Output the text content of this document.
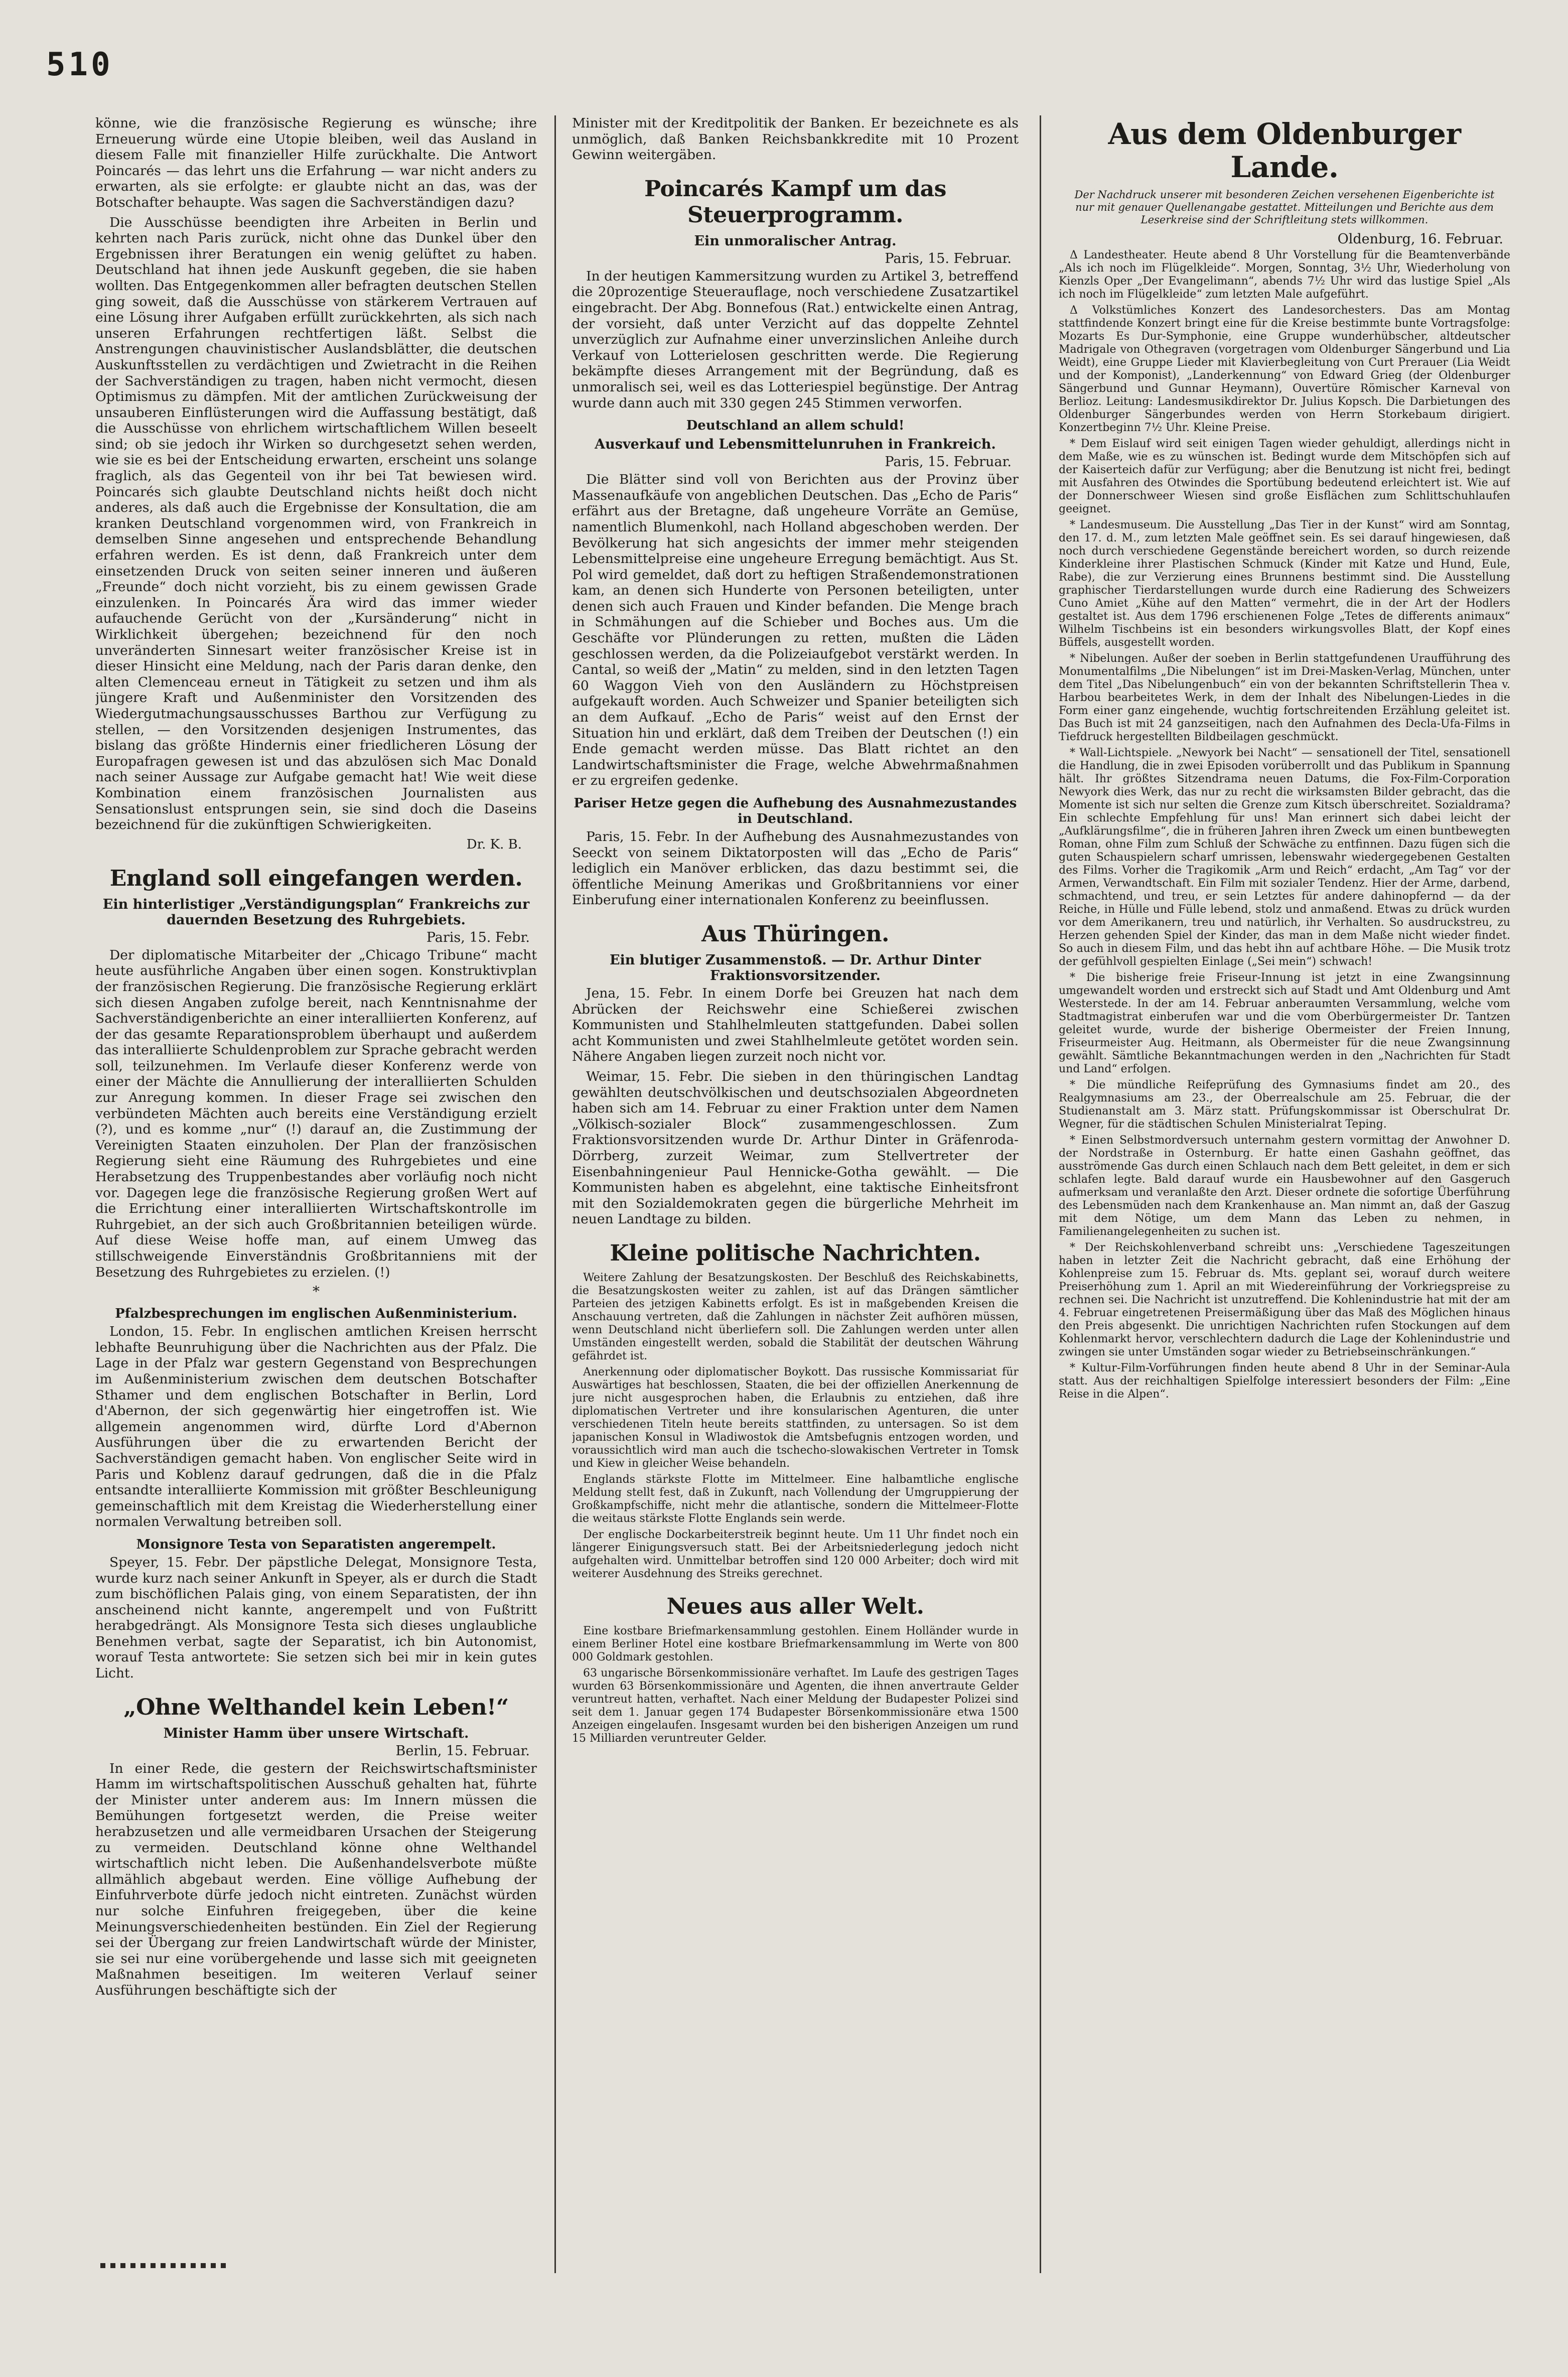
510

könne, wie die französische Regierung es wünsche; ihre Erneuerung würde eine Utopie bleiben, weil das Ausland in diesem Falle mit finanzieller Hilfe zurückhalte. Die Antwort Poincarés — das lehrt uns die Erfahrung — war nicht anders zu erwarten, als sie erfolgte: er glaubte nicht an das, was der Botschafter behaupte. Was sagen die Sachverständigen dazu?

Die Ausschüsse beendigten ihre Arbeiten in Berlin und kehrten nach Paris zurück, nicht ohne das Dunkel über den Ergebnissen ihrer Beratungen ein wenig gelüftet zu haben. Deutschland hat ihnen jede Auskunft gegeben, die sie haben wollten. Das Entgegenkommen aller befragten deutschen Stellen ging soweit, daß die Ausschüsse von stärkerem Vertrauen auf eine Lösung ihrer Aufgaben erfüllt zurückkehrten, als sich nach unseren Erfahrungen rechtfertigen läßt. Selbst die Anstrengungen chauvinistischer Auslandsblätter, die deutschen Auskunftsstellen zu verdächtigen und Zwietracht in die Reihen der Sachverständigen zu tragen, haben nicht vermocht, diesen Optimismus zu dämpfen. Mit der amtlichen Zurückweisung der unsauberen Einflüsterungen wird die Auffassung bestätigt, daß die Ausschüsse von ehrlichem wirtschaftlichem Willen beseelt sind; ob sie jedoch ihr Wirken so durchgesetzt sehen werden, wie sie es bei der Entscheidung erwarten, erscheint uns solange fraglich, als das Gegenteil von ihr bei Tat bewiesen wird. Poincarés sich glaubte Deutschland nichts heißt doch nicht anderes, als daß auch die Ergebnisse der Konsultation, die am kranken Deutschland vorgenommen wird, von Frankreich in demselben Sinne angesehen und entsprechende Behandlung erfahren werden. Es ist denn, daß Frankreich unter dem einsetzenden Druck von seiten seiner inneren und äußeren „Freunde“ doch nicht vorzieht, bis zu einem gewissen Grade einzulenken. In Poincarés Ära wird das immer wieder aufauchende Gerücht von der „Kursänderung“ nicht in Wirklichkeit übergehen; bezeichnend für den noch unveränderten Sinnesart weiter französischer Kreise ist in dieser Hinsicht eine Meldung, nach der Paris daran denke, den alten Clemenceau erneut in Tätigkeit zu setzen und ihm als jüngere Kraft und Außenminister den Vorsitzenden des Wiedergutmachungsausschusses Barthou zur Verfügung zu stellen, — den Vorsitzenden desjenigen Instrumentes, das bislang das größte Hindernis einer friedlicheren Lösung der Europafragen gewesen ist und das abzulösen sich Mac Donald nach seiner Aussage zur Aufgabe gemacht hat! Wie weit diese Kombination einem französischen Journalisten aus Sensationslust entsprungen sein, sie sind doch die Daseins bezeichnend für die zukünftigen Schwierigkeiten.

Dr. K. B.
England soll eingefangen werden.
Ein hinterlistiger „Verständigungsplan“ Frankreichs zur dauernden Besetzung des Ruhrgebiets.
Paris, 15. Febr.

Der diplomatische Mitarbeiter der „Chicago Tribune“ macht heute ausführliche Angaben über einen sogen. Konstruktivplan der französischen Regierung. Die französische Regierung erklärt sich diesen Angaben zufolge bereit, nach Kenntnisnahme der Sachverständigenberichte an einer interalliierten Konferenz, auf der das gesamte Reparationsproblem überhaupt und außerdem das interalliierte Schuldenproblem zur Sprache gebracht werden soll, teilzunehmen. Im Verlaufe dieser Konferenz werde von einer der Mächte die Annullierung der interalliierten Schulden zur Anregung kommen. In dieser Frage sei zwischen den verbündeten Mächten auch bereits eine Verständigung erzielt (?), und es komme „nur“ (!) darauf an, die Zustimmung der Vereinigten Staaten einzuholen. Der Plan der französischen Regierung sieht eine Räumung des Ruhrgebietes und eine Herabsetzung des Truppenbestandes aber vorläufig noch nicht vor. Dagegen lege die französische Regierung großen Wert auf die Errichtung einer interalliierten Wirtschaftskontrolle im Ruhrgebiet, an der sich auch Großbritannien beteiligen würde. Auf diese Weise hoffe man, auf einem Umweg das stillschweigende Einverständnis Großbritanniens mit der Besetzung des Ruhrgebietes zu erzielen. (!)

*
Pfalzbesprechungen im englischen Außenministerium.

London, 15. Febr. In englischen amtlichen Kreisen herrscht lebhafte Beunruhigung über die Nachrichten aus der Pfalz. Die Lage in der Pfalz war gestern Gegenstand von Besprechungen im Außenministerium zwischen dem deutschen Botschafter Sthamer und dem englischen Botschafter in Berlin, Lord d'Abernon, der sich gegenwärtig hier eingetroffen ist. Wie allgemein angenommen wird, dürfte Lord d'Abernon Ausführungen über die zu erwartenden Bericht der Sachverständigen gemacht haben. Von englischer Seite wird in Paris und Koblenz darauf gedrungen, daß die in die Pfalz entsandte interalliierte Kommission mit größter Beschleunigung gemeinschaftlich mit dem Kreistag die Wiederherstellung einer normalen Verwaltung betreiben soll.

Monsignore Testa von Separatisten angerempelt.

Speyer, 15. Febr. Der päpstliche Delegat, Monsignore Testa, wurde kurz nach seiner Ankunft in Speyer, als er durch die Stadt zum bischöflichen Palais ging, von einem Separatisten, der ihn anscheinend nicht kannte, angerempelt und von Fußtritt herabgedrängt. Als Monsignore Testa sich dieses unglaubliche Benehmen verbat, sagte der Separatist, ich bin Autonomist, worauf Testa antwortete: Sie setzen sich bei mir in kein gutes Licht.

„Ohne Welthandel kein Leben!“
Minister Hamm über unsere Wirtschaft.
Berlin, 15. Februar.

In einer Rede, die gestern der Reichswirtschaftsminister Hamm im wirtschaftspolitischen Ausschuß gehalten hat, führte der Minister unter anderem aus: Im Innern müssen die Bemühungen fortgesetzt werden, die Preise weiter herabzusetzen und alle vermeidbaren Ursachen der Steigerung zu vermeiden. Deutschland könne ohne Welthandel wirtschaftlich nicht leben. Die Außenhandelsverbote müßte allmählich abgebaut werden. Eine völlige Aufhebung der Einfuhrverbote dürfe jedoch nicht eintreten. Zunächst würden nur solche Einfuhren freigegeben, über die keine Meinungsverschiedenheiten bestünden. Ein Ziel der Regierung sei der Übergang zur freien Landwirtschaft würde der Minister, sie sei nur eine vorübergehende und lasse sich mit geeigneten Maßnahmen beseitigen. Im weiteren Verlauf seiner Ausführungen beschäftigte sich der

Minister mit der Kreditpolitik der Banken. Er bezeichnete es als unmöglich, daß Banken Reichsbankkredite mit 10 Prozent Gewinn weitergäben.

Poincarés Kampf um das Steuerprogramm.
Ein unmoralischer Antrag.
Paris, 15. Februar.

In der heutigen Kammersitzung wurden zu Artikel 3, betreffend die 20prozentige Steuerauflage, noch verschiedene Zusatzartikel eingebracht. Der Abg. Bonnefous (Rat.) entwickelte einen Antrag, der vorsieht, daß unter Verzicht auf das doppelte Zehntel unverzüglich zur Aufnahme einer unverzinslichen Anleihe durch Verkauf von Lotterielosen geschritten werde. Die Regierung bekämpfte dieses Arrangement mit der Begründung, daß es unmoralisch sei, weil es das Lotteriespiel begünstige. Der Antrag wurde dann auch mit 330 gegen 245 Stimmen verworfen.

Deutschland an allem schuld!
Ausverkauf und Lebensmittelunruhen in Frankreich.
Paris, 15. Februar.

Die Blätter sind voll von Berichten aus der Provinz über Massenaufkäufe von angeblichen Deutschen. Das „Echo de Paris“ erfährt aus der Bretagne, daß ungeheure Vorräte an Gemüse, namentlich Blumenkohl, nach Holland abgeschoben werden. Der Bevölkerung hat sich angesichts der immer mehr steigenden Lebensmittelpreise eine ungeheure Erregung bemächtigt. Aus St. Pol wird gemeldet, daß dort zu heftigen Straßendemonstrationen kam, an denen sich Hunderte von Personen beteiligten, unter denen sich auch Frauen und Kinder befanden. Die Menge brach in Schmähungen auf die Schieber und Boches aus. Um die Geschäfte vor Plünderungen zu retten, mußten die Läden geschlossen werden, da die Polizeiaufgebot verstärkt werden. In Cantal, so weiß der „Matin“ zu melden, sind in den letzten Tagen 60 Waggon Vieh von den Ausländern zu Höchstpreisen aufgekauft worden. Auch Schweizer und Spanier beteiligten sich an dem Aufkauf. „Echo de Paris“ weist auf den Ernst der Situation hin und erklärt, daß dem Treiben der Deutschen (!) ein Ende gemacht werden müsse. Das Blatt richtet an den Landwirtschaftsminister die Frage, welche Abwehrmaßnahmen er zu ergreifen gedenke.

Pariser Hetze gegen die Aufhebung des Ausnahmezustandes in Deutschland.

Paris, 15. Febr. In der Aufhebung des Ausnahmezustandes von Seeckt von seinem Diktatorposten will das „Echo de Paris“ lediglich ein Manöver erblicken, das dazu bestimmt sei, die öffentliche Meinung Amerikas und Großbritanniens vor einer Einberufung einer internationalen Konferenz zu beeinflussen.

Aus Thüringen.
Ein blutiger Zusammenstoß. — Dr. Arthur Dinter Fraktionsvorsitzender.

Jena, 15. Febr. In einem Dorfe bei Greuzen hat nach dem Abrücken der Reichswehr eine Schießerei zwischen Kommunisten und Stahlhelmleuten stattgefunden. Dabei sollen acht Kommunisten und zwei Stahlhelmleute getötet worden sein. Nähere Angaben liegen zurzeit noch nicht vor.

Weimar, 15. Febr. Die sieben in den thüringischen Landtag gewählten deutschvölkischen und deutschsozialen Abgeordneten haben sich am 14. Februar zu einer Fraktion unter dem Namen „Völkisch-sozialer Block“ zusammengeschlossen. Zum Fraktionsvorsitzenden wurde Dr. Arthur Dinter in Gräfenroda-Dörrberg, zurzeit Weimar, zum Stellvertreter der Eisenbahningenieur Paul Hennicke-Gotha gewählt. — Die Kommunisten haben es abgelehnt, eine taktische Einheitsfront mit den Sozialdemokraten gegen die bürgerliche Mehrheit im neuen Landtage zu bilden.

Kleine politische Nachrichten.

Weitere Zahlung der Besatzungskosten. Der Beschluß des Reichskabinetts, die Besatzungskosten weiter zu zahlen, ist auf das Drängen sämtlicher Parteien des jetzigen Kabinetts erfolgt. Es ist in maßgebenden Kreisen die Anschauung vertreten, daß die Zahlungen in nächster Zeit aufhören müssen, wenn Deutschland nicht überliefern soll. Die Zahlungen werden unter allen Umständen eingestellt werden, sobald die Stabilität der deutschen Währung gefährdet ist.

Anerkennung oder diplomatischer Boykott. Das russische Kommissariat für Auswärtiges hat beschlossen, Staaten, die bei der offiziellen Anerkennung de jure nicht ausgesprochen haben, die Erlaubnis zu entziehen, daß ihre diplomatischen Vertreter und ihre konsularischen Agenturen, die unter verschiedenen Titeln heute bereits stattfinden, zu untersagen. So ist dem japanischen Konsul in Wladiwostok die Amtsbefugnis entzogen worden, und voraussichtlich wird man auch die tschecho-slowakischen Vertreter in Tomsk und Kiew in gleicher Weise behandeln.

Englands stärkste Flotte im Mittelmeer. Eine halbamtliche englische Meldung stellt fest, daß in Zukunft, nach Vollendung der Umgruppierung der Großkampfschiffe, nicht mehr die atlantische, sondern die Mittelmeer-Flotte die weitaus stärkste Flotte Englands sein werde.

Der englische Dockarbeiterstreik beginnt heute. Um 11 Uhr findet noch ein längerer Einigungsversuch statt. Bei der Arbeitsniederlegung jedoch nicht aufgehalten wird. Unmittelbar betroffen sind 120 000 Arbeiter; doch wird mit weiterer Ausdehnung des Streiks gerechnet.

Neues aus aller Welt.

Eine kostbare Briefmarkensammlung gestohlen. Einem Holländer wurde in einem Berliner Hotel eine kostbare Briefmarkensammlung im Werte von 800 000 Goldmark gestohlen.

63 ungarische Börsenkommissionäre verhaftet. Im Laufe des gestrigen Tages wurden 63 Börsenkommissionäre und Agenten, die ihnen anvertraute Gelder veruntreut hatten, verhaftet. Nach einer Meldung der Budapester Polizei sind seit dem 1. Januar gegen 174 Budapester Börsenkommissionäre etwa 1500 Anzeigen eingelaufen. Insgesamt wurden bei den bisherigen Anzeigen um rund 15 Milliarden veruntreuter Gelder.

Aus dem Oldenburger Lande.
Der Nachdruck unserer mit besonderen Zeichen versehenen Eigenberichte ist nur mit genauer Quellenangabe gestattet. Mitteilungen und Berichte aus dem Leserkreise sind der Schriftleitung stets willkommen.
Oldenburg, 16. Februar.

Δ Landestheater. Heute abend 8 Uhr Vorstellung für die Beamtenverbände „Als ich noch im Flügelkleide“. Morgen, Sonntag, 3½ Uhr, Wiederholung von Kienzls Oper „Der Evangelimann“, abends 7½ Uhr wird das lustige Spiel „Als ich noch im Flügelkleide“ zum letzten Male aufgeführt.

Δ Volkstümliches Konzert des Landesorchesters. Das am Montag stattfindende Konzert bringt eine für die Kreise bestimmte bunte Vortragsfolge: Mozarts Es Dur-Symphonie, eine Gruppe wunderhübscher, altdeutscher Madrigale von Othegraven (vorgetragen vom Oldenburger Sängerbund und Lia Weidt), eine Gruppe Lieder mit Klavierbegleitung von Curt Prerauer (Lia Weidt und der Komponist), „Landerkennung“ von Edward Grieg (der Oldenburger Sängerbund und Gunnar Heymann), Ouvertüre Römischer Karneval von Berlioz. Leitung: Landesmusikdirektor Dr. Julius Kopsch. Die Darbietungen des Oldenburger Sängerbundes werden von Herrn Storkebaum dirigiert. Konzertbeginn 7½ Uhr. Kleine Preise.

* Dem Eislauf wird seit einigen Tagen wieder gehuldigt, allerdings nicht in dem Maße, wie es zu wünschen ist. Bedingt wurde dem Mitschöpfen sich auf der Kaiserteich dafür zur Verfügung; aber die Benutzung ist nicht frei, bedingt mit Ausfahren des Otwindes die Sportübung bedeutend erleichtert ist. Wie auf der Donnerschweer Wiesen sind große Eisflächen zum Schlittschuhlaufen geeignet.

* Landesmuseum. Die Ausstellung „Das Tier in der Kunst“ wird am Sonntag, den 17. d. M., zum letzten Male geöffnet sein. Es sei darauf hingewiesen, daß noch durch verschiedene Gegenstände bereichert worden, so durch reizende Kinderkleine ihrer Plastischen Schmuck (Kinder mit Katze und Hund, Eule, Rabe), die zur Verzierung eines Brunnens bestimmt sind. Die Ausstellung graphischer Tierdarstellungen wurde durch eine Radierung des Schweizers Cuno Amiet „Kühe auf den Matten“ vermehrt, die in der Art der Hodlers gestaltet ist. Aus dem 1796 erschienenen Folge „Tetes de differents animaux“ Wilhelm Tischbeins ist ein besonders wirkungsvolles Blatt, der Kopf eines Büffels, ausgestellt worden.

* Nibelungen. Außer der soeben in Berlin stattgefundenen Uraufführung des Monumentalfilms „Die Nibelungen“ ist im Drei-Masken-Verlag, München, unter dem Titel „Das Nibelungenbuch“ ein von der bekannten Schriftstellerin Thea v. Harbou bearbeitetes Werk, in dem der Inhalt des Nibelungen-Liedes in die Form einer ganz eingehende, wuchtig fortschreitenden Erzählung geleitet ist. Das Buch ist mit 24 ganzseitigen, nach den Aufnahmen des Decla-Ufa-Films in Tiefdruck hergestellten Bildbeilagen geschmückt.

* Wall-Lichtspiele. „Newyork bei Nacht“ — sensationell der Titel, sensationell die Handlung, die in zwei Episoden vorüberrollt und das Publikum in Spannung hält. Ihr größtes Sitzendrama neuen Datums, die Fox-Film-Corporation Newyork dies Werk, das nur zu recht die wirksamsten Bilder gebracht, das die Momente ist sich nur selten die Grenze zum Kitsch überschreitet. Sozialdrama? Ein schlechte Empfehlung für uns! Man erinnert sich dabei leicht der „Aufklärungsfilme“, die in früheren Jahren ihren Zweck um einen buntbewegten Roman, ohne Film zum Schluß der Schwäche zu entfinnen. Dazu fügen sich die guten Schauspielern scharf umrissen, lebenswahr wiedergegebenen Gestalten des Films. Vorher die Tragikomik „Arm und Reich“ erdacht, „Am Tag“ vor der Armen, Verwandtschaft. Ein Film mit sozialer Tendenz. Hier der Arme, darbend, schmachtend, und treu, er sein Letztes für andere dahinopfernd — da der Reiche, in Hülle und Fülle lebend, stolz und anmaßend. Etwas zu drück wurden vor dem Amerikanern, treu und natürlich, ihr Verhalten. So ausdruckstreu, zu Herzen gehenden Spiel der Kinder, das man in dem Maße nicht wieder findet. So auch in diesem Film, und das hebt ihn auf achtbare Höhe. — Die Musik trotz der gefühlvoll gespielten Einlage („Sei mein“) schwach!

* Die bisherige freie Friseur-Innung ist jetzt in eine Zwangsinnung umgewandelt worden und erstreckt sich auf Stadt und Amt Oldenburg und Amt Westerstede. In der am 14. Februar anberaumten Versammlung, welche vom Stadtmagistrat einberufen war und die vom Oberbürgermeister Dr. Tantzen geleitet wurde, wurde der bisherige Obermeister der Freien Innung, Friseurmeister Aug. Heitmann, als Obermeister für die neue Zwangsinnung gewählt. Sämtliche Bekanntmachungen werden in den „Nachrichten für Stadt und Land“ erfolgen.

* Die mündliche Reifeprüfung des Gymnasiums findet am 20., des Realgymnasiums am 23., der Oberrealschule am 25. Februar, die der Studienanstalt am 3. März statt. Prüfungskommissar ist Oberschulrat Dr. Wegner, für die städtischen Schulen Ministerialrat Teping.

* Einen Selbstmordversuch unternahm gestern vormittag der Anwohner D. der Nordstraße in Osternburg. Er hatte einen Gashahn geöffnet, das ausströmende Gas durch einen Schlauch nach dem Bett geleitet, in dem er sich schlafen legte. Bald darauf wurde ein Hausbewohner auf den Gasgeruch aufmerksam und veranlaßte den Arzt. Dieser ordnete die sofortige Überführung des Lebensmüden nach dem Krankenhause an. Man nimmt an, daß der Gaszug mit dem Nötige, um dem Mann das Leben zu nehmen, in Familienangelegenheiten zu suchen ist.

* Der Reichskohlenverband schreibt uns: „Verschiedene Tageszeitungen haben in letzter Zeit die Nachricht gebracht, daß eine Erhöhung der Kohlenpreise zum 15. Februar ds. Mts. geplant sei, worauf durch weitere Preiserhöhung zum 1. April an mit Wiedereinführung der Vorkriegspreise zu rechnen sei. Die Nachricht ist unzutreffend. Die Kohlenindustrie hat mit der am 4. Februar eingetretenen Preisermäßigung über das Maß des Möglichen hinaus den Preis abgesenkt. Die unrichtigen Nachrichten rufen Stockungen auf dem Kohlenmarkt hervor, verschlechtern dadurch die Lage der Kohlenindustrie und zwingen sie unter Umständen sogar wieder zu Betriebseinschränkungen.“

* Kultur-Film-Vorführungen finden heute abend 8 Uhr in der Seminar-Aula statt. Aus der reichhaltigen Spielfolge interessiert besonders der Film: „Eine Reise in die Alpen“.
